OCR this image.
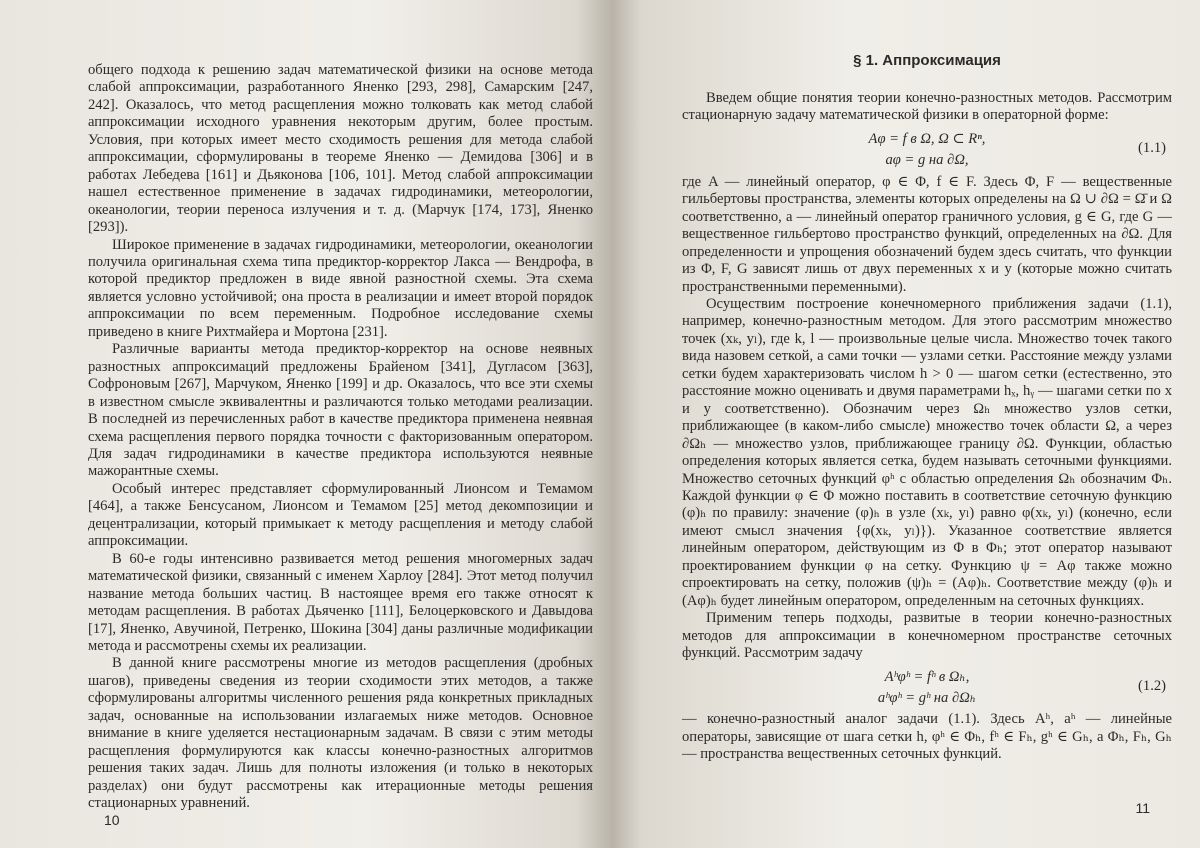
общего подхода к решению задач математической физики на основе метода слабой аппроксимации, разработанного Яненко [293, 298], Самарским [247, 242]. Оказалось, что метод расщепления можно толковать как метод слабой аппроксимации исходного уравнения некоторым другим, более простым. Условия, при которых имеет место сходимость решения для метода слабой аппроксимации, сформулированы в теореме Яненко — Демидова [306] и в работах Лебедева [161] и Дьяконова [106, 101]. Метод слабой аппроксимации нашел естественное применение в задачах гидродинамики, метеорологии, океанологии, теории переноса излучения и т. д. (Марчук [174, 173], Яненко [293]).

Широкое применение в задачах гидродинамики, метеорологии, океанологии получила оригинальная схема типа предиктор-корректор Лакса — Вендрофа, в которой предиктор предложен в виде явной разностной схемы. Эта схема является условно устойчивой; она проста в реализации и имеет второй порядок аппроксимации по всем переменным. Подробное исследование схемы приведено в книге Рихтмайера и Мортона [231].

Различные варианты метода предиктор-корректор на основе неявных разностных аппроксимаций предложены Брайеном [341], Дугласом [363], Софроновым [267], Марчуком, Яненко [199] и др. Оказалось, что все эти схемы в известном смысле эквивалентны и различаются только методами реализации. В последней из перечисленных работ в качестве предиктора применена неявная схема расщепления первого порядка точности с факторизованным оператором. Для задач гидродинамики в качестве предиктора используются неявные мажорантные схемы.

Особый интерес представляет сформулированный Лионсом и Темамом [464], а также Бенсусаном, Лионсом и Темамом [25] метод декомпозиции и децентрализации, который примыкает к методу расщепления и методу слабой аппроксимации.

В 60-е годы интенсивно развивается метод решения многомерных задач математической физики, связанный с именем Харлоу [284]. Этот метод получил название метода больших частиц. В настоящее время его также относят к методам расщепления. В работах Дьяченко [111], Белоцерковского и Давыдова [17], Яненко, Авучиной, Петренко, Шокина [304] даны различные модификации метода и рассмотрены схемы их реализации.

В данной книге рассмотрены многие из методов расщепления (дробных шагов), приведены сведения из теории сходимости этих методов, а также сформулированы алгоритмы численного решения ряда конкретных прикладных задач, основанные на использовании излагаемых ниже методов. Основное внимание в книге уделяется нестационарным задачам. В связи с этим методы расщепления формулируются как классы конечно-разностных алгоритмов решения таких задач. Лишь для полноты изложения (и только в некоторых разделах) они будут рассмотрены как итерационные методы решения стационарных уравнений.

10
§ 1. Аппроксимация

Введем общие понятия теории конечно-разностных методов. Рассмотрим стационарную задачу математической физики в операторной форме:

Aφ = f в Ω, Ω ⊂ Rⁿ,
(1.1)
aφ = g на ∂Ω,

где A — линейный оператор, φ ∈ Φ, f ∈ F. Здесь Φ, F — вещественные гильбертовы пространства, элементы которых определены на Ω ∪ ∂Ω = Ω̄ и Ω соответственно, a — линейный оператор граничного условия, g ∈ G, где G — вещественное гильбертово пространство функций, определенных на ∂Ω. Для определенности и упрощения обозначений будем здесь считать, что функции из Φ, F, G зависят лишь от двух переменных x и y (которые можно считать пространственными переменными).

Осуществим построение конечномерного приближения задачи (1.1), например, конечно-разностным методом. Для этого рассмотрим множество точек (xₖ, yₗ), где k, l — произвольные целые числа. Множество точек такого вида назовем сеткой, а сами точки — узлами сетки. Расстояние между узлами сетки будем характеризовать числом h > 0 — шагом сетки (естественно, это расстояние можно оценивать и двумя параметрами hₓ, hᵧ — шагами сетки по x и y соответственно). Обозначим через Ωₕ множество узлов сетки, приближающее (в каком-либо смысле) множество точек области Ω, а через ∂Ωₕ — множество узлов, приближающее границу ∂Ω. Функции, областью определения которых является сетка, будем называть сеточными функциями. Множество сеточных функций φʰ с областью определения Ωₕ обозначим Φₕ. Каждой функции φ ∈ Φ можно поставить в соответствие сеточную функцию (φ)ₕ по правилу: значение (φ)ₕ в узле (xₖ, yₗ) равно φ(xₖ, yₗ) (конечно, если имеют смысл значения {φ(xₖ, yₗ)}). Указанное соответствие является линейным оператором, действующим из Φ в Φₕ; этот оператор называют проектированием функции φ на сетку. Функцию ψ = Aφ также можно спроектировать на сетку, положив (ψ)ₕ = (Aφ)ₕ. Соответствие между (φ)ₕ и (Aφ)ₕ будет линейным оператором, определенным на сеточных функциях.

Применим теперь подходы, развитые в теории конечно-разностных методов для аппроксимации в конечномерном пространстве сеточных функций. Рассмотрим задачу

Aʰφʰ = fʰ в Ωₕ,
(1.2)
aʰφʰ = gʰ на ∂Ωₕ

— конечно-разностный аналог задачи (1.1). Здесь Aʰ, aʰ — линейные операторы, зависящие от шага сетки h, φʰ ∈ Φₕ, fʰ ∈ Fₕ, gʰ ∈ Gₕ, а Φₕ, Fₕ, Gₕ — пространства вещественных сеточных функций.

11
